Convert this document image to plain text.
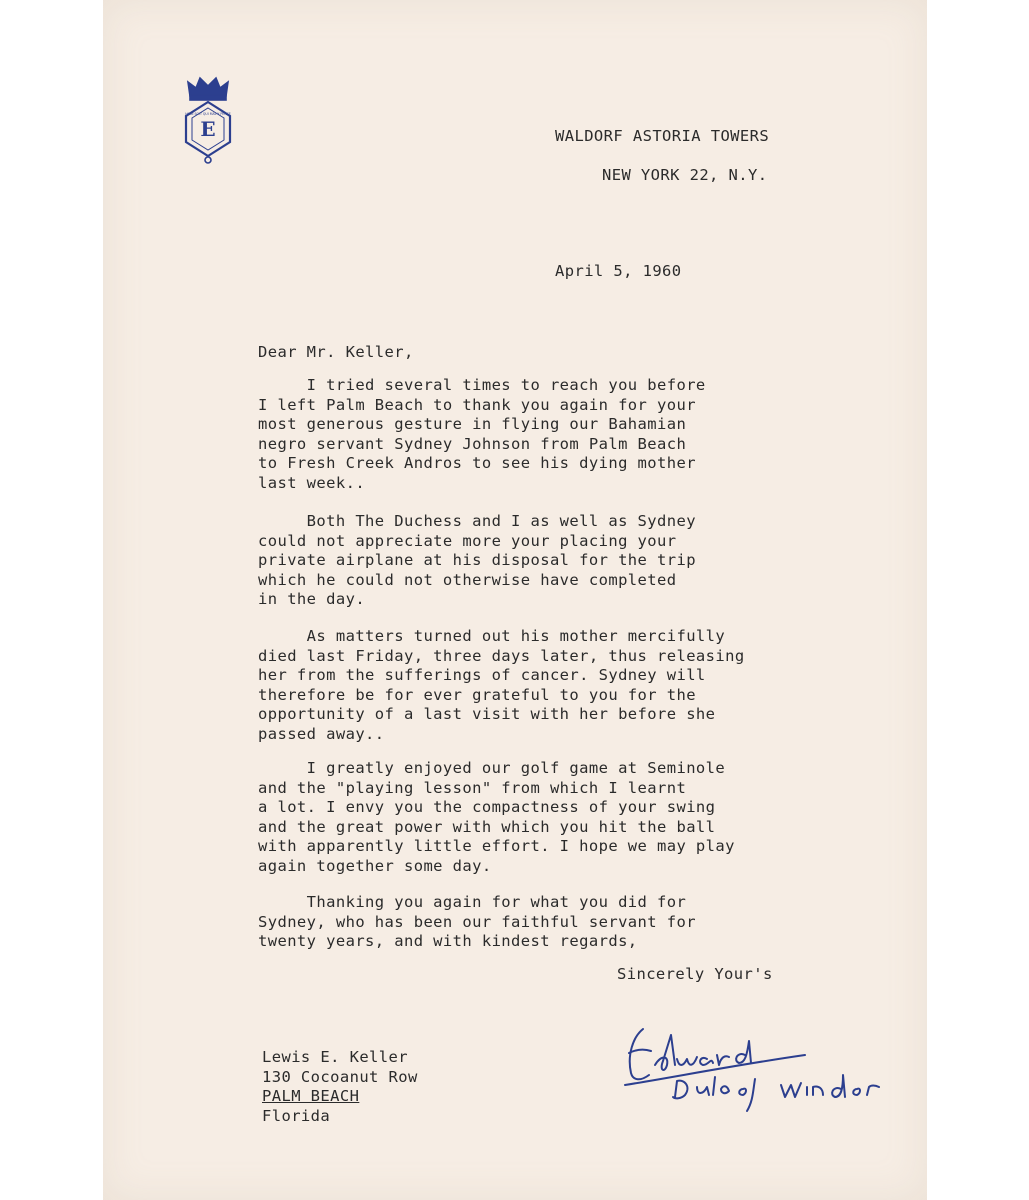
E
HONI SOIT QUI MAL Y PENSE
WALDORF ASTORIA TOWERS
NEW YORK 22, N.Y.
April 5, 1960
Dear Mr. Keller,
I tried several times to reach you before
I left Palm Beach to thank you again for your
most generous gesture in flying our Bahamian
negro servant Sydney Johnson from Palm Beach
to Fresh Creek Andros to see his dying mother
last week..
Both The Duchess and I as well as Sydney
could not appreciate more your placing your
private airplane at his disposal for the trip
which he could not otherwise have completed
in the day.
As matters turned out his mother mercifully
died last Friday, three days later, thus releasing
her from the sufferings of cancer. Sydney will
therefore be for ever grateful to you for the
opportunity of a last visit with her before she
passed away..
I greatly enjoyed our golf game at Seminole
and the "playing lesson" from which I learnt
a lot. I envy you the compactness of your swing
and the great power with which you hit the ball
with apparently little effort. I hope we may play
again together some day.
Thanking you again for what you did for
Sydney, who has been our faithful servant for
twenty years, and with kindest regards,
Sincerely Your's
Lewis E. Keller
130 Cocoanut Row
PALM BEACH
Florida
